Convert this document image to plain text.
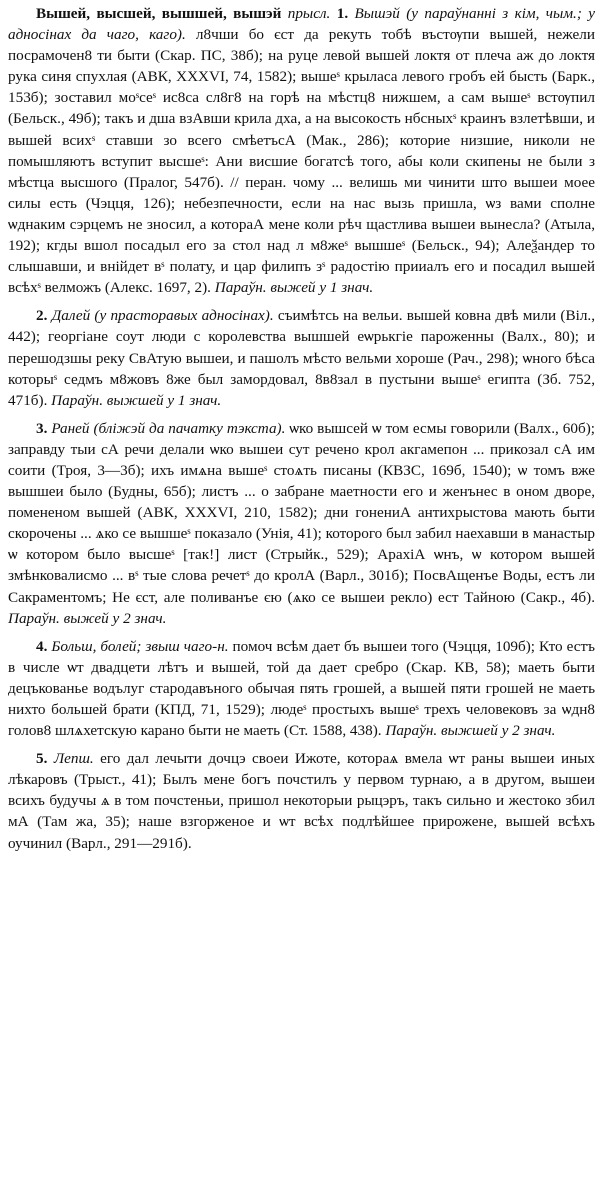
Вышей, высшей, вышшей, вышэй прысл. 1. Вышэй (у параўнанні з кім, чым.; у адносінах да чаго, каго). л8чши бо єст да рекуть тобѣ въстѹпи вышей, нежели посрамочен8 ти быти (Скар. ПС, 38б); на руце левой вышей локтя от плеча аж до локтя рука синя спухлая (АВК, XXXVI, 74, 1582); вышеˢ крыласа левого гробъ ей бысть (Барк., 153б); зоставил моˢсеˢ ис8са сл8г8 на горѣ на мѣстц8 нижшем, а сам вышеˢ встѹпил (Бельск., 49б); такъ и дша взАвши крила дха, а на высокость нбсныхˢ краинъ взлетѣвши, и вышей всихˢ ставши зо всего смѣетъсА (Мак., 286); которие низшие, николи не помышляютъ вступит высшеˢ: Ани висшие богатсѣ того, абы коли скипены не были з мѣстца высшого (Пралог, 547б). // перан. чому ... велишь ми чинити што вышеи моее силы есть (Чэцця, 126); небезпечности, если на нас вызь пришла, ѡз вами сполне ѡднаким сэрцемъ не зносил, а котораА мене коли рѣч щастлива вышеи вынесла? (Атыла, 192); кгды вшол посадыл его за стол над л м8жеˢ вышшеˢ (Бельск., 94); Алеѯандер то слышавши, и внійдет вˢ полату, и цар филипъ зˢ радостію прииалъ его и посадил вышей всѣхˢ велможъ (Алекс. 1697, 2). Параўн. выжей у 1 знач.

2. Далей (у прасторавых адносінах). съимѣтсь на вельи. вышей ковна двѣ мили (Віл., 442); георгіане соут люди с королевства вышшей еѡрькгіе пароженны (Валх., 80); и перешодзшы реку СвАтую вышеи, и пашолъ мѣсто вельми хороше (Рач., 298); ѡного бѣса которыˢ седмъ м8жовъ 8же был замордовал, 8в8зал в пустыни вышеˢ египта (Зб. 752, 471б). Параўн. выжшей у 1 знач.

3. Раней (бліжэй да пачатку тэкста). ѡко вышсей ѡ том есмы говорили (Валх., 60б); заправду тыи сА речи делали ѡко вышеи сут речено крол акгамепон ... прикозал сА им соити (Троя, 3—3б); ихъ имѧна вышеˢ стоѧть писаны (КВЗС, 169б, 1540); ѡ томъ вже вышшеи было (Будны, 65б); листъ ... о забране маетности его и женънес в оном дворе, помененом вышей (АВК, XXXVI, 210, 1582); дни гонениА антихрыстова мають быти скорочены ... ѧко се вышшеˢ показало (Унія, 41); которого был забил наехавши в манастыр ѡ котором было высшеˢ [так!] лист (Стрыйк., 529); АрахіА ѡнъ, ѡ котором вышей змѣнковалисмо ... вˢ тые слова речетˢ до кролА (Варл., 301б); ПосвАщенъе Воды, естъ ли Сакраментомъ; Не єст, але поливанъе єю (ѧко се вышеи рекло) ест Тайною (Сакр., 4б). Параўн. выжей у 2 знач.

4. Больш, болей; звыш чаго-н. помоч всѣм дает бъ вышеи того (Чэцця, 109б); Кто естъ в числе ѡт двадцети лѣтъ и вышей, той да дает сребро (Скар. КВ, 58); маеть быти децъкованье водълуг стародавъного обычая пять грошей, а вышей пяти грошей не маеть нихто большей брати (КПД, 71, 1529); людеˢ простыхъ вышеˢ трехъ человековъ за ѡдн8 голов8 шлѧхетскую карано быти не маеть (Ст. 1588, 438). Параўн. выжшей у 2 знач.

5. Лепш. его дал лечыти дочцэ своеи Ижоте, котораѧ вмела ѡт раны вышеи иных лѣкаровъ (Трыст., 41); Былъ мене богъ почстилъ у первом турнаю, а в другом, вышеи всихъ будучы ѧ в том почстеньи, пришол некоторыи рыцэръ, такъ сильно и жестоко збил мА (Там жа, 35); наше взгорженое и ѡт всѣх подлѣйшее прирожене, вышей всѣхъ оучинил (Варл., 291—291б).
